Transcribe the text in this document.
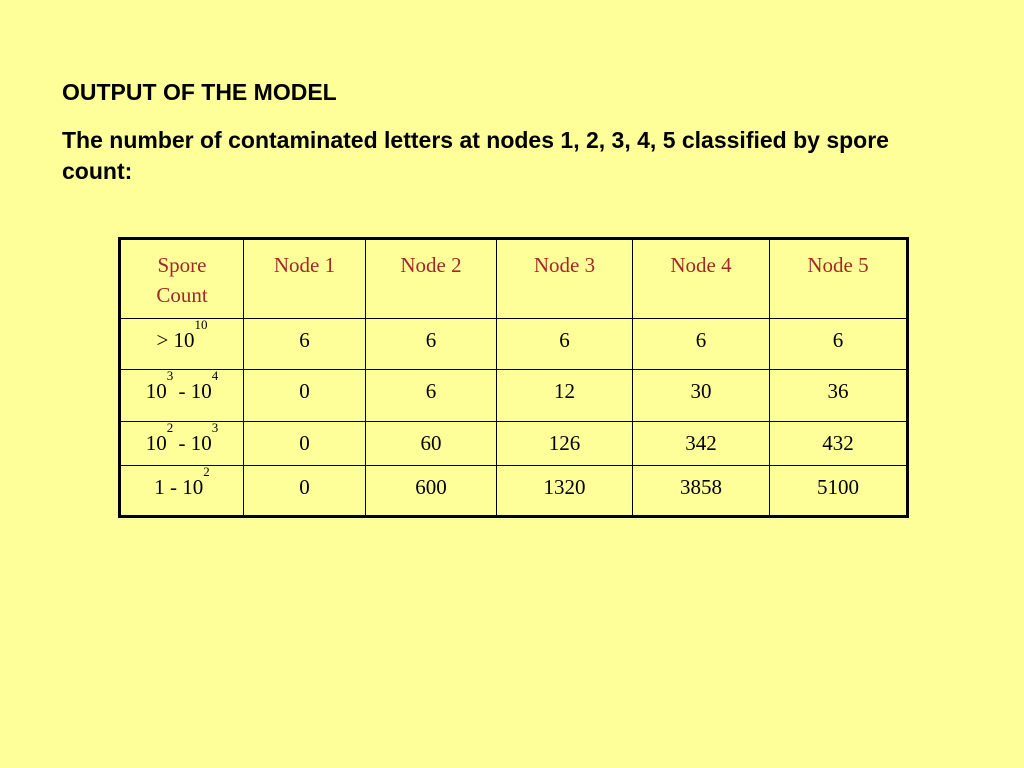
OUTPUT OF THE MODEL
The number of contaminated letters at nodes 1, 2, 3, 4, 5 classified by spore count:
Spore
Count	Node 1	Node 2	Node 3	Node 4	Node 5
> $10^{10}$	6	6	6	6	6
$10^3 - 10^4$	0	6	12	30	36
$10^2 - 10^3$	0	60	126	342	432
$1 - 10^2$	0	600	1320	3858	5100
